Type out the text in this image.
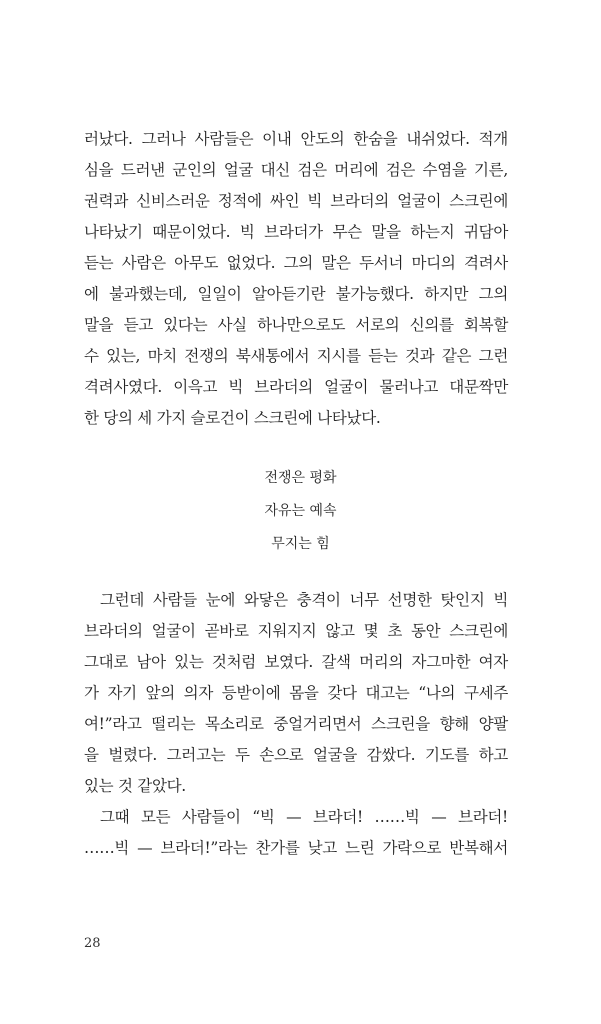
러났다. 그러나 사람들은 이내 안도의 한숨을 내쉬었다. 적개
심을 드러낸 군인의 얼굴 대신 검은 머리에 검은 수염을 기른,
권력과 신비스러운 정적에 싸인 빅 브라더의 얼굴이 스크린에
나타났기 때문이었다. 빅 브라더가 무슨 말을 하는지 귀담아
듣는 사람은 아무도 없었다. 그의 말은 두서너 마디의 격려사
에 불과했는데, 일일이 알아듣기란 불가능했다. 하지만 그의
말을 듣고 있다는 사실 하나만으로도 서로의 신의를 회복할
수 있는, 마치 전쟁의 북새통에서 지시를 듣는 것과 같은 그런
격려사였다. 이윽고 빅 브라더의 얼굴이 물러나고 대문짝만
한 당의 세 가지 슬로건이 스크린에 나타났다.
전쟁은 평화
자유는 예속
무지는 힘
그런데 사람들 눈에 와닿은 충격이 너무 선명한 탓인지 빅
브라더의 얼굴이 곧바로 지워지지 않고 몇 초 동안 스크린에
그대로 남아 있는 것처럼 보였다. 갈색 머리의 자그마한 여자
가 자기 앞의 의자 등받이에 몸을 갖다 대고는 “나의 구세주
여!”라고 떨리는 목소리로 중얼거리면서 스크린을 향해 양팔
을 벌렸다. 그러고는 두 손으로 얼굴을 감쌌다. 기도를 하고
있는 것 같았다.
그때 모든 사람들이 “빅 — 브라더! ……빅 — 브라더!
……빅 — 브라더!”라는 찬가를 낮고 느린 가락으로 반복해서
28
